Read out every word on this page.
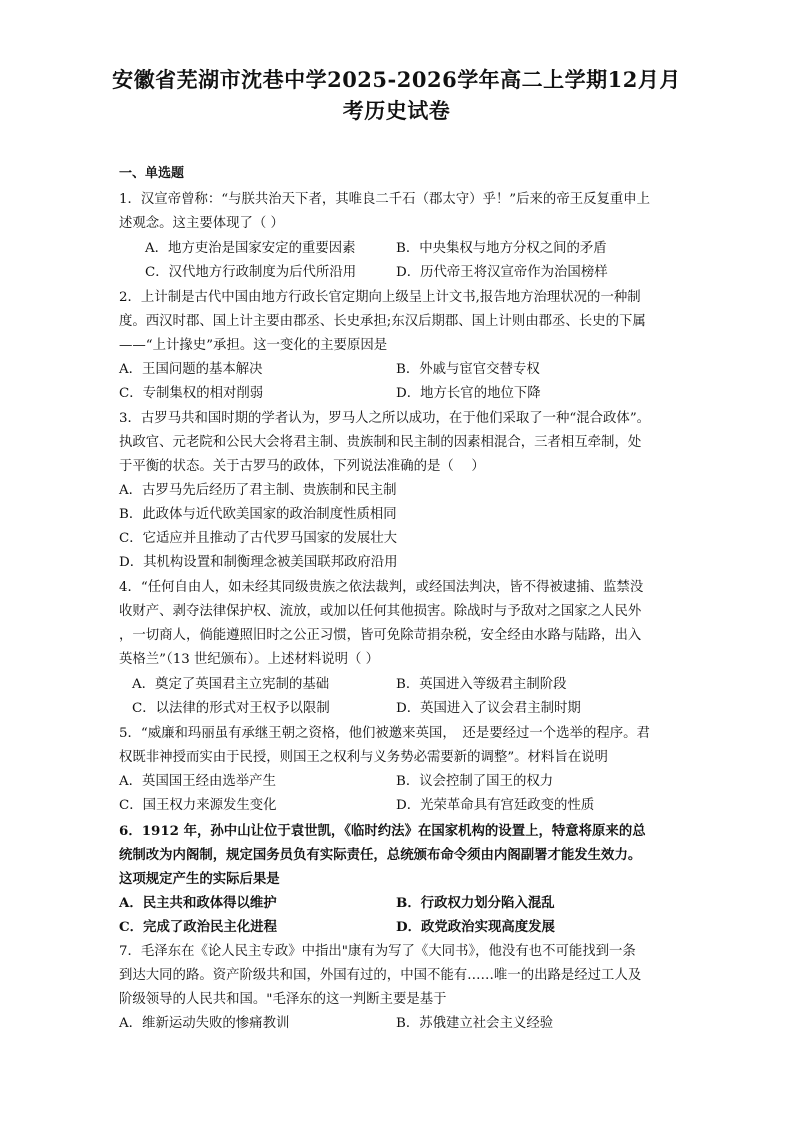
安徽省芜湖市沈巷中学2025-2026学年高二上学期12月月
考历史试卷
一、单选题
1．汉宣帝曾称：“与朕共治天下者，其唯良二千石（郡太守）乎！”后来的帝王反复重申上
述观念。这主要体现了（ ）
A．地方吏治是国家安定的重要因素	B．中央集权与地方分权之间的矛盾
C．汉代地方行政制度为后代所沿用	D．历代帝王将汉宣帝作为治国榜样
2．上计制是古代中国由地方行政长官定期向上级呈上计文书,报告地方治理状况的一种制
度。西汉时郡、国上计主要由郡丞、长史承担;东汉后期郡、国上计则由郡丞、长史的下属
——“上计掾史”承担。这一变化的主要原因是
A．王国问题的基本解决	B．外戚与宦官交替专权
C．专制集权的相对削弱	D．地方长官的地位下降
3．古罗马共和国时期的学者认为，罗马人之所以成功，在于他们采取了一种“混合政体”。
执政官、元老院和公民大会将君主制、贵族制和民主制的因素相混合，三者相互牵制，处
于平衡的状态。关于古罗马的政体，下列说法准确的是（　 ）
A．古罗马先后经历了君主制、贵族制和民主制
B．此政体与近代欧美国家的政治制度性质相同
C．它适应并且推动了古代罗马国家的发展壮大
D．其机构设置和制衡理念被美国联邦政府沿用
4．“任何自由人，如未经其同级贵族之依法裁判，或经国法判决，皆不得被逮捕、监禁没
收财产、剥夺法律保护权、流放，或加以任何其他损害。除战时与予敌对之国家之人民外
，一切商人，倘能遵照旧时之公正习惯，皆可免除苛捐杂税，安全经由水路与陆路，出入
英格兰”（13 世纪颁布）。上述材料说明（ ）
A．奠定了英国君主立宪制的基础	B．英国进入等级君主制阶段
C．以法律的形式对王权予以限制	D．英国进入了议会君主制时期
5．“威廉和玛丽虽有承继王朝之资格，他们被邀来英国，　还是要经过一个选举的程序。君
权既非神授而实由于民授，则国王之权利与义务势必需要新的调整”。材料旨在说明
A．英国国王经由选举产生	B．议会控制了国王的权力
C．国王权力来源发生变化	D．光荣革命具有宫廷政变的性质
6．1912 年，孙中山让位于袁世凯，《临时约法》在国家机构的设置上，特意将原来的总
统制改为内阁制，规定国务员负有实际责任，总统颁布命令须由内阁副署才能发生效力。
这项规定产生的实际后果是
A．民主共和政体得以维护	B．行政权力划分陷入混乱
C．完成了政治民主化进程	D．政党政治实现高度发展
7．毛泽东在《论人民主专政》中指出"康有为写了《大同书》，他没有也不可能找到一条
到达大同的路。资产阶级共和国，外国有过的，中国不能有……唯一的出路是经过工人及
阶级领导的人民共和国。"毛泽东的这一判断主要是基于
A．维新运动失败的惨痛教训	B．苏俄建立社会主义经验
